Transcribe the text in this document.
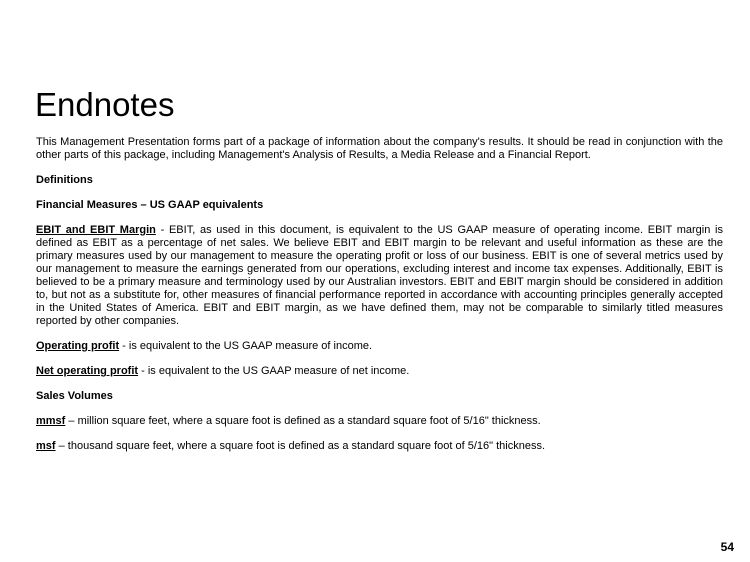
Endnotes

This Management Presentation forms part of a package of information about the company's results. It should be read in conjunction with the other parts of this package, including Management's Analysis of Results, a Media Release and a Financial Report.

Definitions

Financial Measures – US GAAP equivalents

EBIT and EBIT Margin - EBIT, as used in this document, is equivalent to the US GAAP measure of operating income. EBIT margin is defined as EBIT as a percentage of net sales. We believe EBIT and EBIT margin to be relevant and useful information as these are the primary measures used by our management to measure the operating profit or loss of our business. EBIT is one of several metrics used by our management to measure the earnings generated from our operations, excluding interest and income tax expenses. Additionally, EBIT is believed to be a primary measure and terminology used by our Australian investors. EBIT and EBIT margin should be considered in addition to, but not as a substitute for, other measures of financial performance reported in accordance with accounting principles generally accepted in the United States of America. EBIT and EBIT margin, as we have defined them, may not be comparable to similarly titled measures reported by other companies.

Operating profit - is equivalent to the US GAAP measure of income.

Net operating profit - is equivalent to the US GAAP measure of net income.

Sales Volumes

mmsf – million square feet, where a square foot is defined as a standard square foot of 5/16" thickness.

msf – thousand square feet, where a square foot is defined as a standard square foot of 5/16" thickness.

54
